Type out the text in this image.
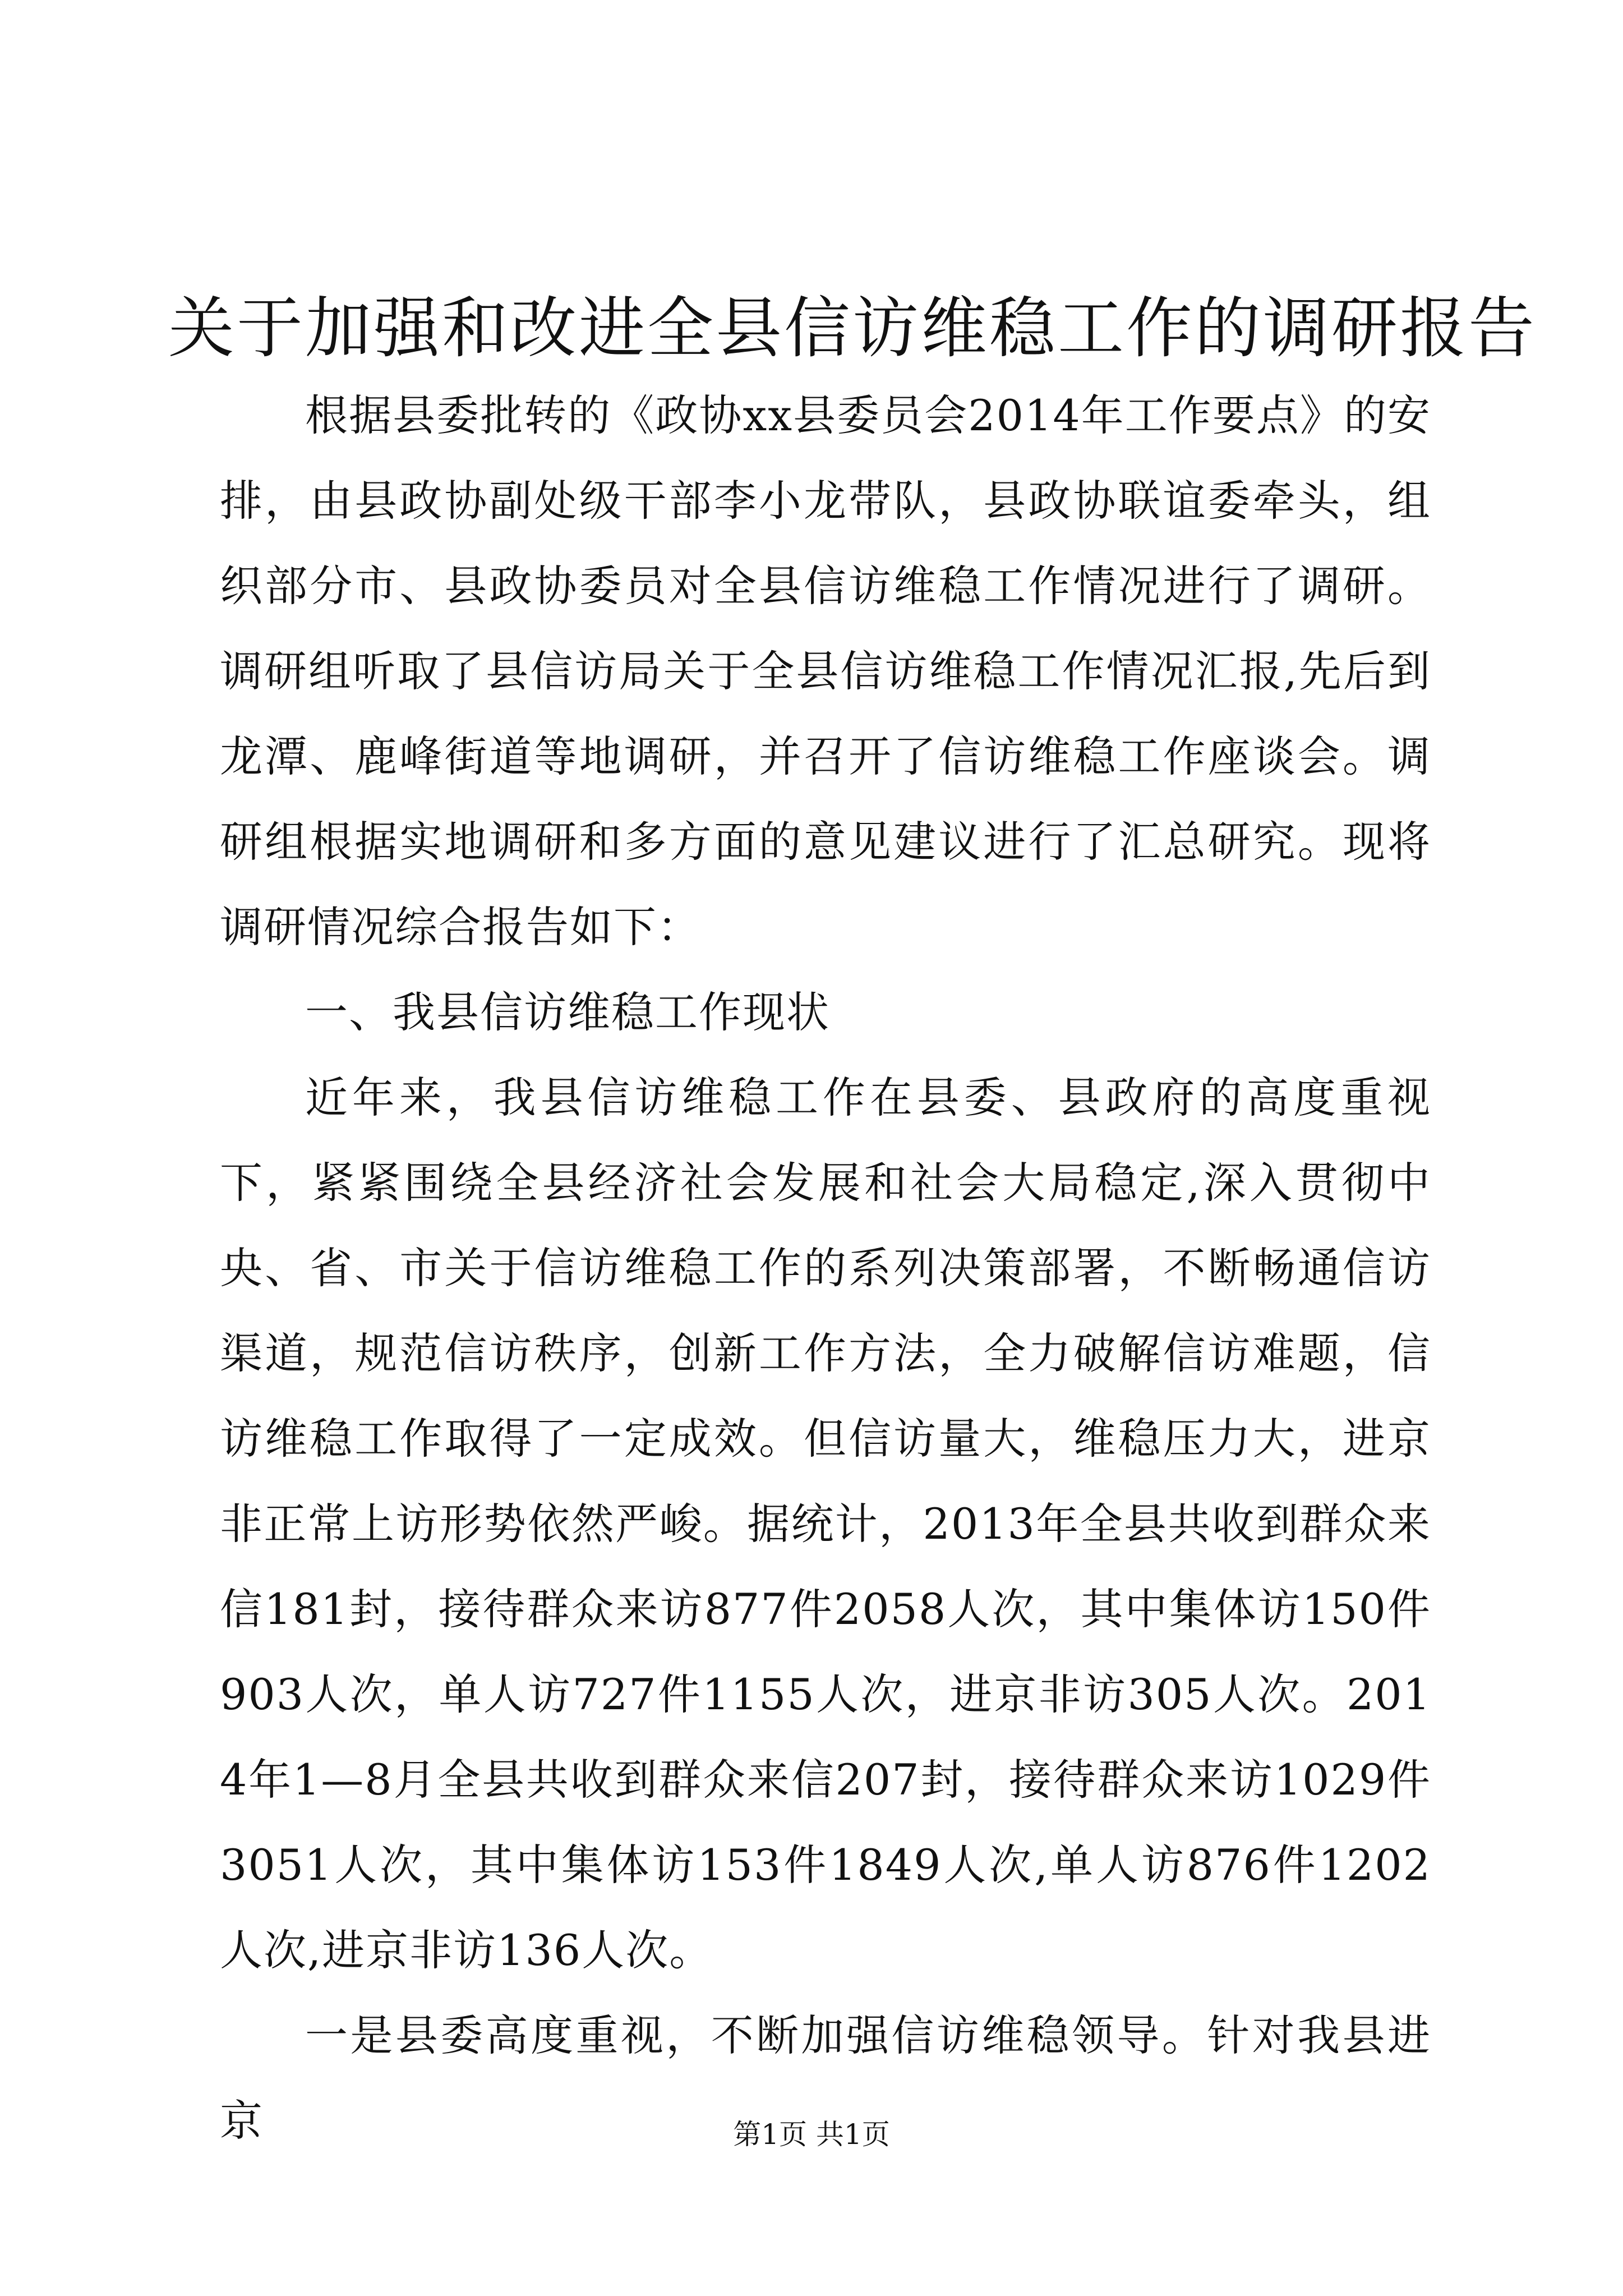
关于加强和改进全县信访维稳工作的调研报告

根据县委批转的《政协xx县委员会2014年工作要点》的安排，由县政协副处级干部李小龙带队，县政协联谊委牵头，组织部分市、县政协委员对全县信访维稳工作情况进行了调研。调研组听取了县信访局关于全县信访维稳工作情况汇报,先后到龙潭、鹿峰街道等地调研，并召开了信访维稳工作座谈会。调研组根据实地调研和多方面的意见建议进行了汇总研究。现将调研情况综合报告如下：

一、我县信访维稳工作现状

近年来，我县信访维稳工作在县委、县政府的高度重视下，紧紧围绕全县经济社会发展和社会大局稳定,深入贯彻中央、省、市关于信访维稳工作的系列决策部署，不断畅通信访渠道，规范信访秩序，创新工作方法，全力破解信访难题，信访维稳工作取得了一定成效。但信访量大，维稳压力大，进京非正常上访形势依然严峻。据统计，2013年全县共收到群众来信181封，接待群众来访877件2058人次，其中集体访150件903人次，单人访727件1155人次，进京非访305人次。2014年1—8月全县共收到群众来信207封，接待群众来访1029件3051人次，其中集体访153件1849人次,单人访876件1202人次,进京非访136人次。

一是县委高度重视，不断加强信访维稳领导。针对我县进京	第1页 共1页
